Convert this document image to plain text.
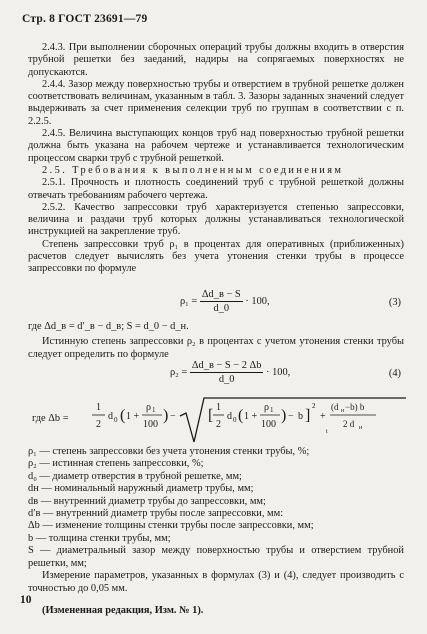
Стр. 8 ГОСТ 23691—79

2.4.3. При выполнении сборочных операций трубы должны входить в отверстия трубной решетки без заеданий, надиры на сопрягаемых поверхностях не допускаются.

2.4.4. Зазор между поверхностью трубы и отверстием в трубной решетке должен соответствовать величинам, указанным в табл. 3. Зазоры заданных значений следует выдерживать за счет применения селекции труб по группам в соответствии с п. 2.2.5.

2.4.5. Величина выступающих концов труб над поверхностью трубной решетки должна быть указана на рабочем чертеже и устанавливается технологическим процессом сварки труб с трубной решеткой.

2.5. Требования к выполненным соединениям

2.5.1. Прочность и плотность соединений труб с трубной решеткой должны отвечать требованиям рабочего чертежа.

2.5.2. Качество запрессовки труб характеризуется степенью запрессовки, величина и раздачи труб которых должны устанавливаться технологической инструкцией на закрепление труб.

Степень запрессовки труб ρ₁ в процентах для оперативных (приближенных) расчетов следует вычислять без учета утонения стенки трубы в процессе запрессовки по формуле

$\rho_1 = \frac{\Delta d\_в - S}{d\_0} \cdot 100$,	(3)

где Δd_в = d′_в − d_в; S = d_0 − d_н.

Истинную степень запрессовки ρ₂ в процентах с учетом утонения стенки трубы следует определить по формуле

$\rho_2 = \frac{\Delta d\_в - S - 2 \Delta b}{d\_0} \cdot 100$,	(4)
где Δb =
1
2
d 0 ( 1 +
ρ 1
100
) − [ 1
2
d 0 ( 1 +
ρ 1
100
) − b ]
2
+
(d н −b) b
2 d н
t
ρ₁ — степень запрессовки без учета утонения стенки трубы, %;
ρ₂ — истинная степень запрессовки, %;
d₀ — диаметр отверстия в трубной решетке, мм;
dн — номинальный наружный диаметр трубы, мм;
dв — внутренний диаметр трубы до запрессовки, мм;
d′в — внутренний диаметр трубы после запрессовки, мм:
Δb — изменение толщины стенки трубы после запрессовки, мм;
b — толщина стенки трубы, мм;
S — диаметральный зазор между поверхностью трубы и отверстием трубной решетки, мм;

Измерение параметров, указанных в формулах (3) и (4), следует производить с точностью до 0,05 мм.

(Измененная редакция, Изм. № 1).

10
